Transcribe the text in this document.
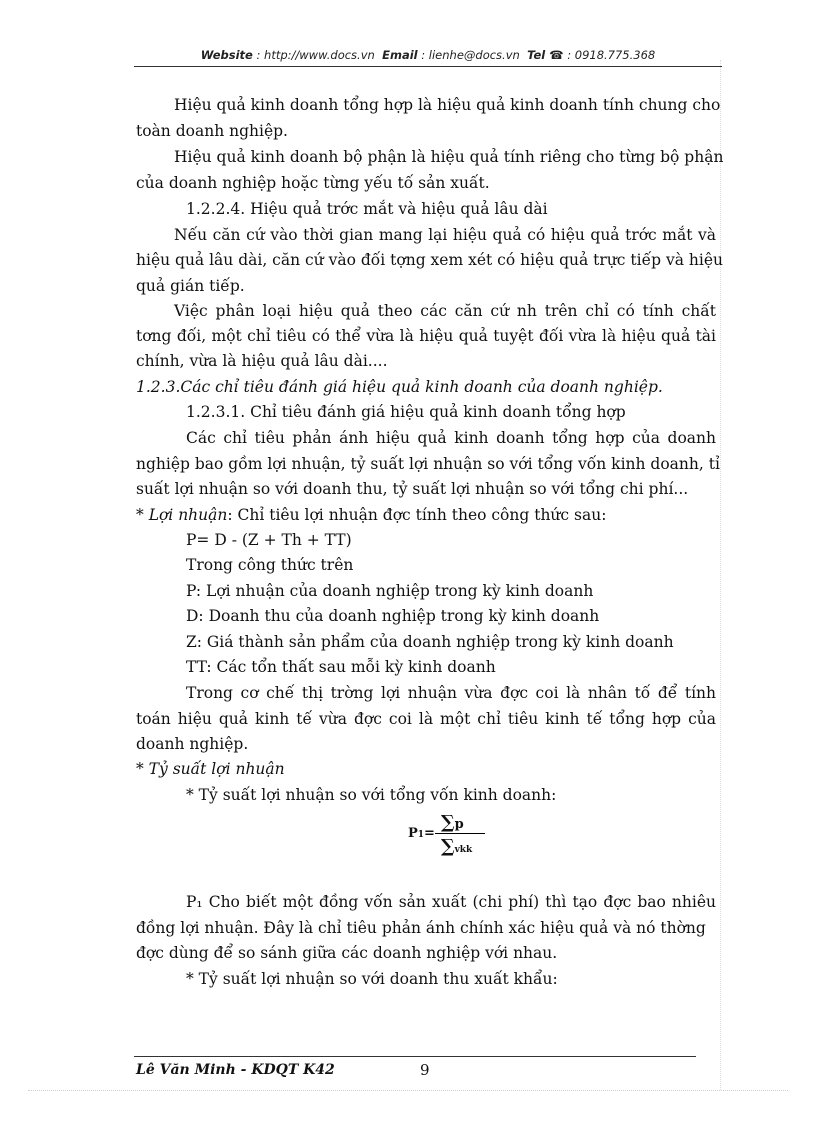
Website : http://www.docs.vn Email : lienhe@docs.vn Tel ☎ : 0918.775.368
Hiệu quả kinh doanh tổng hợp là hiệu quả kinh doanh tính chung cho
toàn doanh nghiệp.
Hiệu quả kinh doanh bộ phận là hiệu quả tính riêng cho từng bộ phận
của doanh nghiệp hoặc từng yếu tố sản xuất.
1.2.2.4. Hiệu quả trớc mắt và hiệu quả lâu dài
Nếu căn cứ vào thời gian mang lại hiệu quả có hiệu quả trớc mắt và
hiệu quả lâu dài, căn cứ vào đối tợng xem xét có hiệu quả trực tiếp và hiệu
quả gián tiếp.
Việc phân loại hiệu quả theo các căn cứ nh trên chỉ có tính chất
tơng đối, một chỉ tiêu có thể vừa là hiệu quả tuyệt đối vừa là hiệu quả tài
chính, vừa là hiệu quả lâu dài....
1.2.3.Các chỉ tiêu đánh giá hiệu quả kinh doanh của doanh nghiệp.
1.2.3.1. Chỉ tiêu đánh giá hiệu quả kinh doanh tổng hợp
Các chỉ tiêu phản ánh hiệu quả kinh doanh tổng hợp của doanh
nghiệp bao gồm lợi nhuận, tỷ suất lợi nhuận so với tổng vốn kinh doanh, tỉ
suất lợi nhuận so với doanh thu, tỷ suất lợi nhuận so với tổng chi phí...
* Lợi nhuận: Chỉ tiêu lợi nhuận đợc tính theo công thức sau:
P= D - (Z + Th + TT)
Trong công thức trên
P: Lợi nhuận của doanh nghiệp trong kỳ kinh doanh
D: Doanh thu của doanh nghiệp trong kỳ kinh doanh
Z: Giá thành sản phẩm của doanh nghiệp trong kỳ kinh doanh
TT: Các tổn thất sau mỗi kỳ kinh doanh
Trong cơ chế thị trờng lợi nhuận vừa đợc coi là nhân tố để tính
toán hiệu quả kinh tế vừa đợc coi là một chỉ tiêu kinh tế tổng hợp của
doanh nghiệp.
* Tỷ suất lợi nhuận
* Tỷ suất lợi nhuận so với tổng vốn kinh doanh:
P1=
∑p
∑vkk
P₁ Cho biết một đồng vốn sản xuất (chi phí) thì tạo đợc bao nhiêu
đồng lợi nhuận. Đây là chỉ tiêu phản ánh chính xác hiệu quả và nó thờng
đợc dùng để so sánh giữa các doanh nghiệp với nhau.
* Tỷ suất lợi nhuận so với doanh thu xuất khẩu:
Lê Văn Minh - KDQT K42	9
